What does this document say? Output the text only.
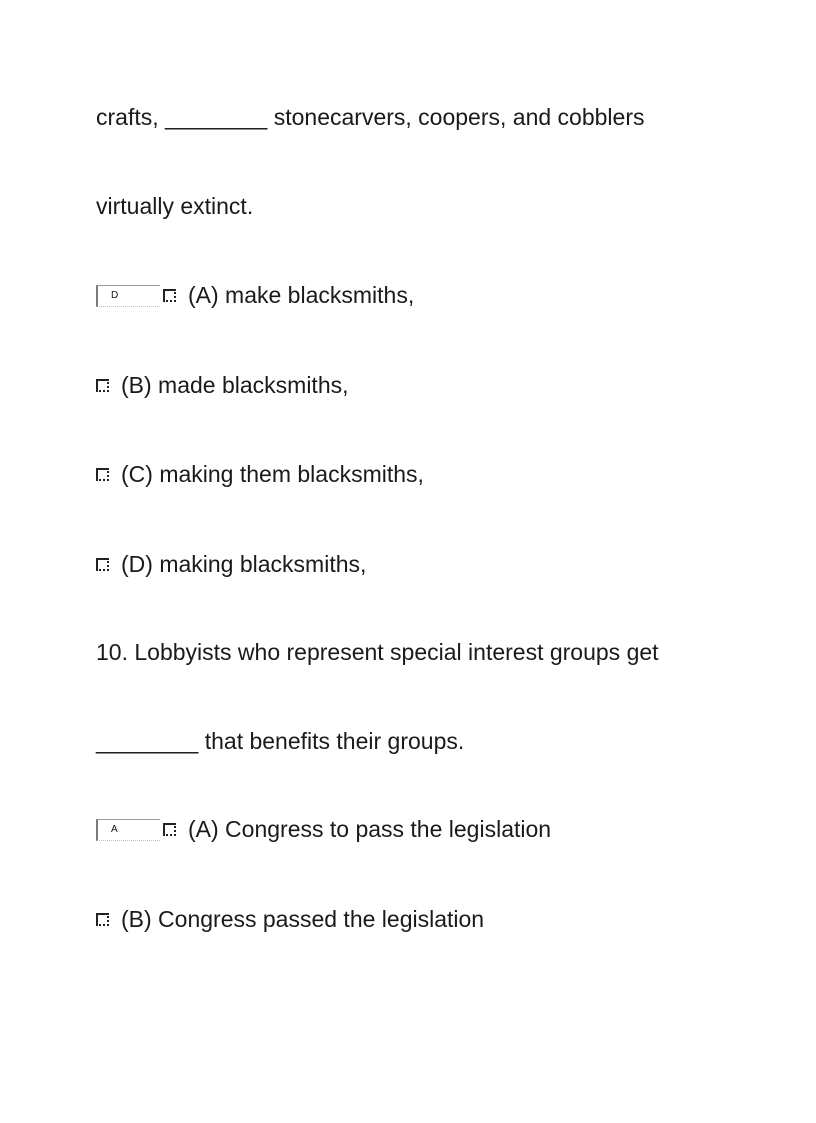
crafts, ________ stonecarvers, coopers, and cobblers
virtually extinct.
D	(A) make blacksmiths,
(B) made blacksmiths,
(C) making them blacksmiths,
(D) making blacksmiths,
10. Lobbyists who represent special interest groups get
________ that benefits their groups.
A	(A) Congress to pass the legislation
(B) Congress passed the legislation
